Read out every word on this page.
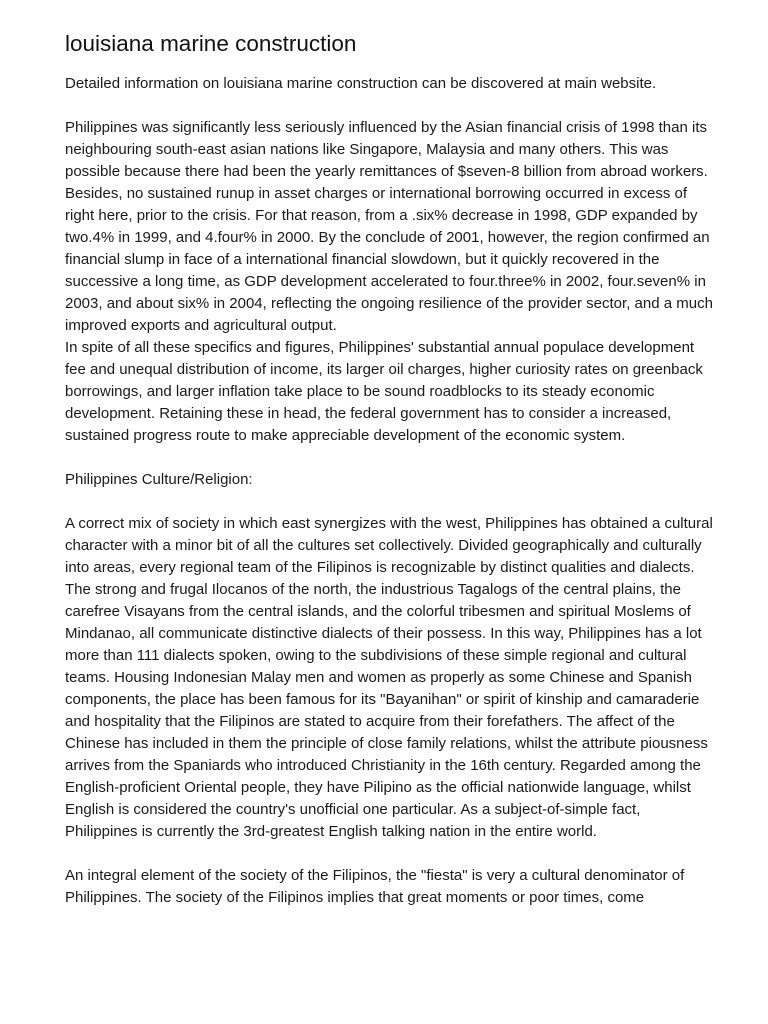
louisiana marine construction

Detailed information on louisiana marine construction can be discovered at main website.

Philippines was significantly less seriously influenced by the Asian financial crisis of 1998 than its neighbouring south-east asian nations like Singapore, Malaysia and many others. This was possible because there had been the yearly remittances of $seven-8 billion from abroad workers. Besides, no sustained runup in asset charges or international borrowing occurred in excess of right here, prior to the crisis. For that reason, from a .six% decrease in 1998, GDP expanded by two.4% in 1999, and 4.four% in 2000. By the conclude of 2001, however, the region confirmed an financial slump in face of a international financial slowdown, but it quickly recovered in the successive a long time, as GDP development accelerated to four.three% in 2002, four.seven% in 2003, and about six% in 2004, reflecting the ongoing resilience of the provider sector, and a much improved exports and agricultural output.

In spite of all these specifics and figures, Philippines' substantial annual populace development fee and unequal distribution of income, its larger oil charges, higher curiosity rates on greenback borrowings, and larger inflation take place to be sound roadblocks to its steady economic development. Retaining these in head, the federal government has to consider a increased, sustained progress route to make appreciable development of the economic system.

Philippines Culture/Religion:

A correct mix of society in which east synergizes with the west, Philippines has obtained a cultural character with a minor bit of all the cultures set collectively. Divided geographically and culturally into areas, every regional team of the Filipinos is recognizable by distinct qualities and dialects. The strong and frugal Ilocanos of the north, the industrious Tagalogs of the central plains, the carefree Visayans from the central islands, and the colorful tribesmen and spiritual Moslems of Mindanao, all communicate distinctive dialects of their possess. In this way, Philippines has a lot more than 111 dialects spoken, owing to the subdivisions of these simple regional and cultural teams. Housing Indonesian Malay men and women as properly as some Chinese and Spanish components, the place has been famous for its "Bayanihan" or spirit of kinship and camaraderie and hospitality that the Filipinos are stated to acquire from their forefathers. The affect of the Chinese has included in them the principle of close family relations, whilst the attribute piousness arrives from the Spaniards who introduced Christianity in the 16th century. Regarded among the English-proficient Oriental people, they have Pilipino as the official nationwide language, whilst English is considered the country's unofficial one particular. As a subject-of-simple fact, Philippines is currently the 3rd-greatest English talking nation in the entire world.

An integral element of the society of the Filipinos, the "fiesta" is very a cultural denominator of Philippines. The society of the Filipinos implies that great moments or poor times, come
